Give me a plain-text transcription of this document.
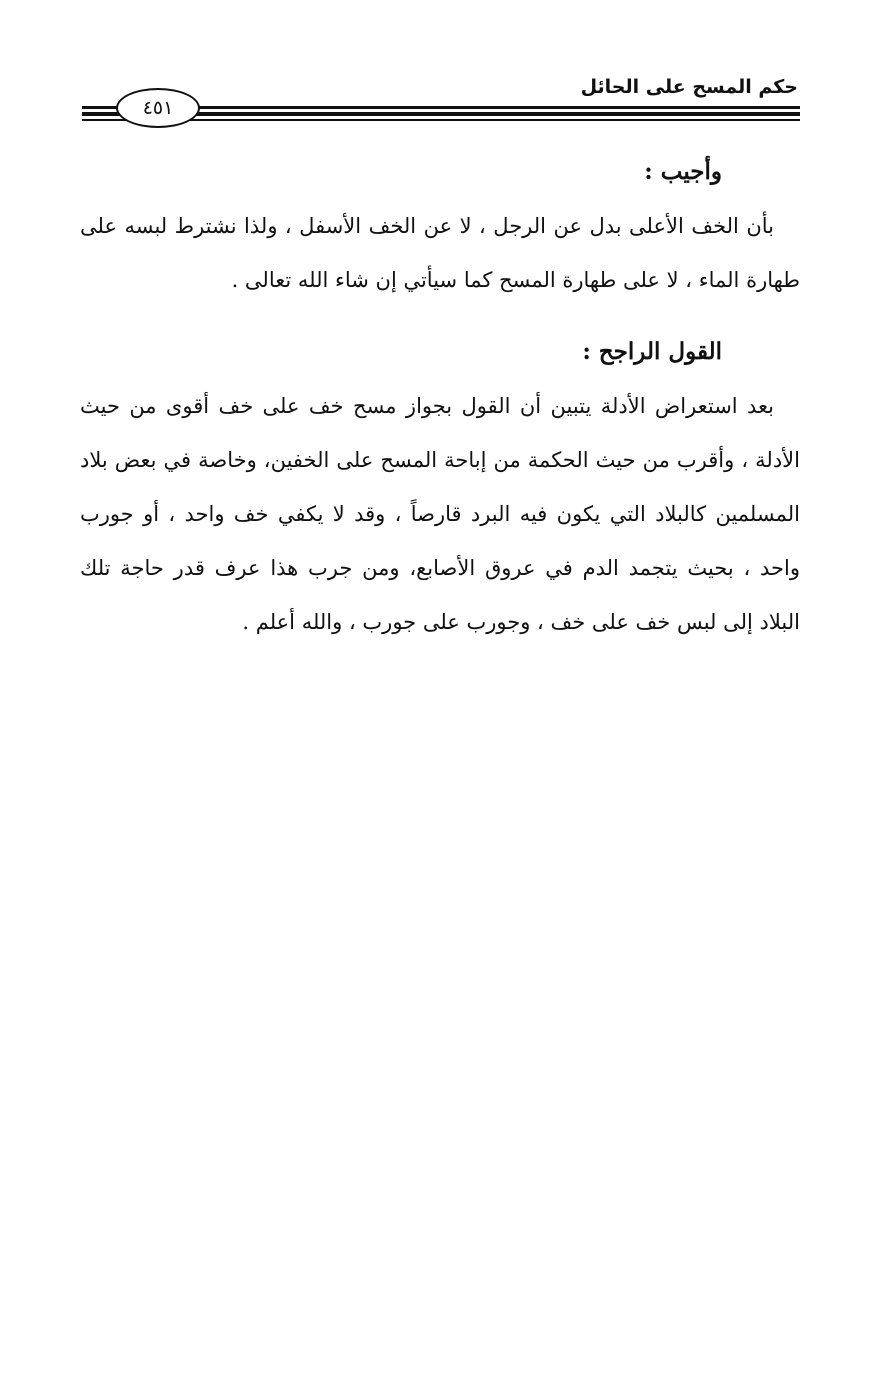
حكم المسح على الحائل
٤٥١
وأجيب :

بأن الخف الأعلى بدل عن الرجل ، لا عن الخف الأسفل ، ولذا نشترط لبسه على طهارة الماء ، لا على طهارة المسح كما سيأتي إن شاء الله تعالى .

القول الراجح :

بعد استعراض الأدلة يتبين أن القول بجواز مسح خف على خف أقوى من حيث الأدلة ، وأقرب من حيث الحكمة من إباحة المسح على الخفين، وخاصة في بعض بلاد المسلمين كالبلاد التي يكون فيه البرد قارصاً ، وقد لا يكفي خف واحد ، أو جورب واحد ، بحيث يتجمد الدم في عروق الأصابع، ومن جرب هذا عرف قدر حاجة تلك البلاد إلى لبس خف على خف ، وجورب على جورب ، والله أعلم .
